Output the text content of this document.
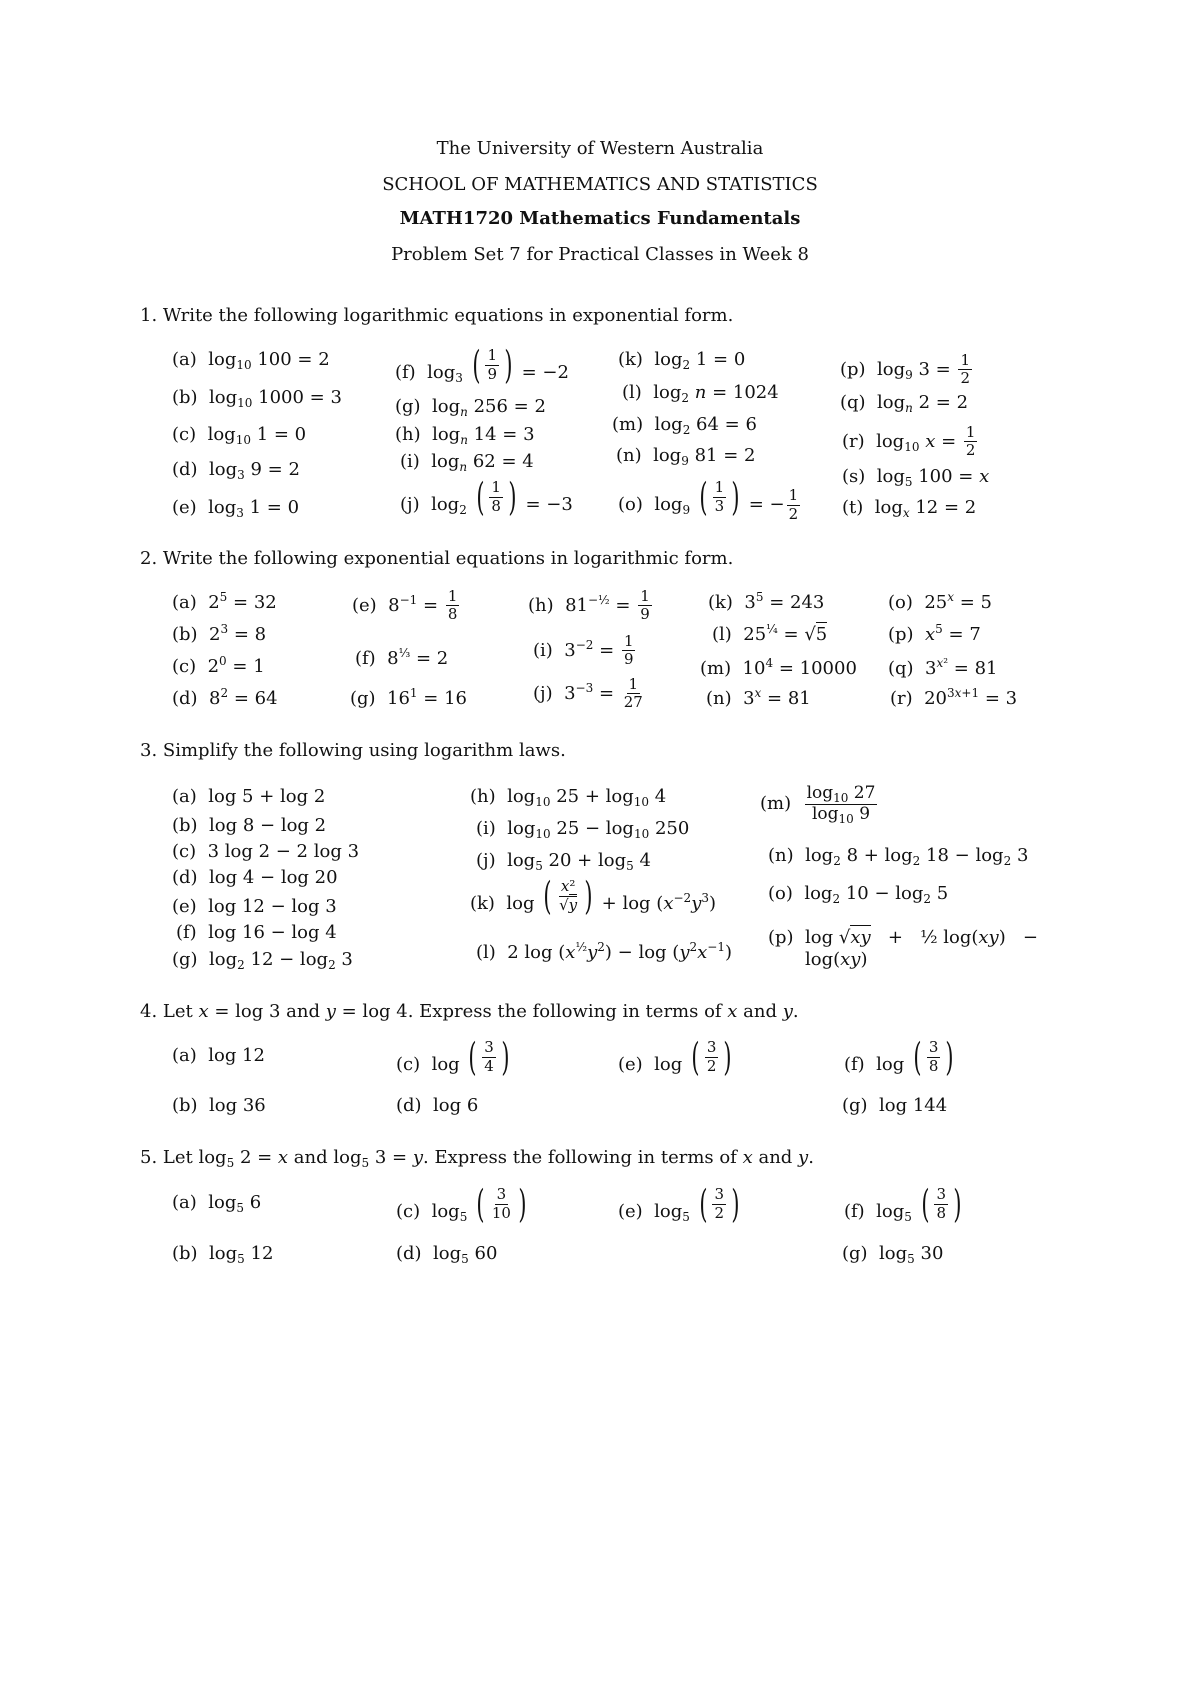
The University of Western Australia
SCHOOL OF MATHEMATICS AND STATISTICS
MATH1720 Mathematics Fundamentals
Problem Set 7 for Practical Classes in Week 8
1. Write the following logarithmic equations in exponential form.
(a)  $\log_{10} 100 = 2$
(b)  $\log_{10} 1000 = 3$
(c)  $\log_{10} 1 = 0$
(d)  $\log_3 9 = 2$
(e)  $\log_3 1 = 0$
(f)  $\log_3$ ( $\frac{1}{9}$ ) = −2
(g)  $\log_n 256 = 2$
(h)  $\log_n 14 = 3$
(i)  $\log_n 62 = 4$
(j)  $\log_2$ ( $\frac{1}{8}$ ) = −3
(k)  $\log_2 1 = 0$
(l)  $\log_2 n = 1024$
(m)  $\log_2 64 = 6$
(n)  $\log_9 81 = 2$
(o)  $\log_9$ ( $\frac{1}{3}$ ) = − $\frac{1}{2}$
(p)  $\log_9 3 = \frac{1}{2}$
(q)  $\log_n 2 = 2$
(r)  $\log_{10} x = \frac{1}{2}$
(s)  $\log_5 100 = x$
(t)  $\log_x 12 = 2$
2. Write the following exponential equations in logarithmic form.
(a)  $2^5 = 32$
(b)  $2^3 = 8$
(c)  $2^0 = 1$
(d)  $8^2 = 64$
(e)  $8^{-1} = \frac{1}{8}$
(f)  $8^{\frac{1}{3}} = 2$
(g)  $16^1 = 16$
(h)  $81^{-\frac{1}{2}} = \frac{1}{9}$
(i)  $3^{-2} = \frac{1}{9}$
(j)  $3^{-3} = \frac{1}{27}$
(k)  $3^5 = 243$
(l)  $25^{\frac{1}{4}} = √5$
(m)  $10^4 = 10000$
(n)  $3^x = 81$
(o)  $25^x = 5$
(p)  $x^5 = 7$
(q)  $3^{x^2} = 81$
(r)  $20^{3x+1} = 3$
3. Simplify the following using logarithm laws.
(a)  log 5 + log 2
(b)  log 8 − log 2
(c)  3 log 2 − 2 log 3
(d)  log 4 − log 20
(e)  log 12 − log 3
(f)  log 16 − log 4
(g)  $\log_2 12 - \log_2 3$
(h)  $\log_{10} 25 + \log_{10} 4$
(i)  $\log_{10} 25 - \log_{10} 250$
(j)  $\log_5 20 + \log_5 4$
(k)  log ( $\frac{\text{x²}}{√y}$ ) + $\log (x^{-2}y^3)$
(l)  2 $\log (x^{\frac{1}{2}}y^2) - \log (y^2x^{-1})$
$(m) \frac{\log_{10} 27}{\log_{10} 9}$
(n)  $\log_2 8 + \log_2 18 - \log_2 3$
(o)  $\log_2 10 - \log_2 5$
(p)  log √xy   +   ½ log(xy)   −
log(xy)
4. Let x = log 3 and y = log 4. Express the following in terms of x and y.
(a)  log 12
(b)  log 36
(c)  log ( $\frac{3}{4}$ )
(d)  log 6
(e)  log ( $\frac{3}{2}$ )	(f)  log ( $\frac{3}{8}$ )
(g)  log 144
5. Let $\log_5 2 = x$ and $\log_5 3 = y$. Express the following in terms of x and y.
(a)  $\log_5 6$
(b)  $\log_5 12$
(c)  $\log_5$ ( $\frac{3}{10}$ )
(d)  $\log_5 60$
(e)  $\log_5$ ( $\frac{3}{2}$ )	(f)  $\log_5$ ( $\frac{3}{8}$ )
(g)  $\log_5 30$
